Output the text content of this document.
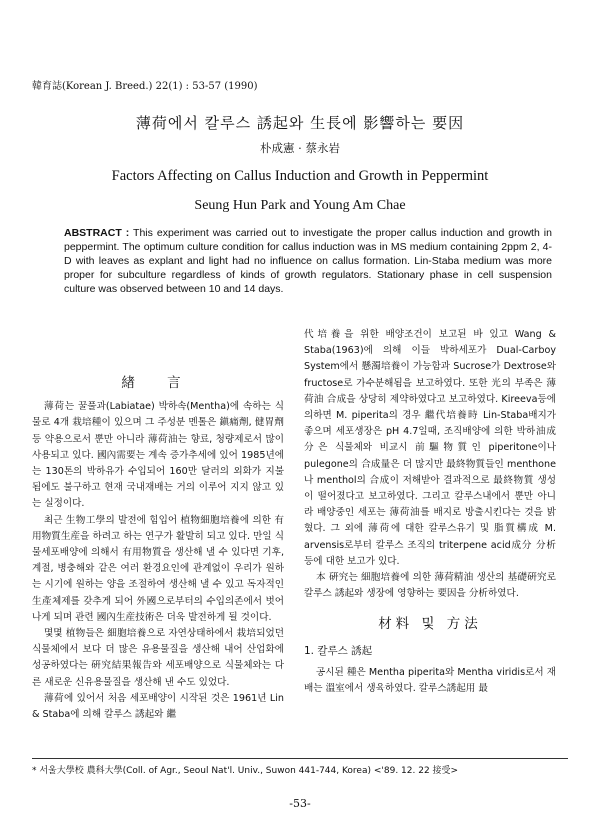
韓育誌(Korean J. Breed.) 22(1) : 53-57 (1990)
薄荷에서 칼루스 誘起와 生長에 影響하는 要因
朴成憲 · 蔡永岩
Factors Affecting on Callus Induction and Growth in Peppermint
Seung Hun Park and Young Am Chae
ABSTRACT : This experiment was carried out to investigate the proper callus induction and growth in peppermint. The optimum culture condition for callus induction was in MS medium containing 2ppm 2, 4-D with leaves as explant and light had no influence on callus formation. Lin-Staba medium was more proper for subculture regardless of kinds of growth regulators. Stationary phase in cell suspension culture was observed between 10 and 14 days.
緖 言

薄荷는 꿀풀과(Labiatae) 박하속(Mentha)에 속하는 식물로 4개 栽培種이 있으며 그 주성분 멘톨은 鎭痛劑, 健胃劑등 약용으로서 뿐만 아니라 薄荷油는 향료, 청량제로서 많이 사용되고 있다. 國內需要는 계속 증가추세에 있어 1985년에는 130톤의 박하유가 수입되어 160만 달러의 외화가 지불됨에도 불구하고 현재 국내재배는 거의 이루어 지지 않고 있는 실정이다.

최근 生物工學의 발전에 힘입어 植物細胞培養에 의한 有用物質生産을 하려고 하는 연구가 활발히 되고 있다. 만일 식물세포배양에 의해서 有用物質을 생산해 낼 수 있다면 기후, 계절, 병충해와 같은 여러 환경요인에 관계없이 우리가 원하는 시기에 원하는 양을 조절하여 생산해 낼 수 있고 독자적인 生產체제를 갖추게 되어 外國으로부터의 수입의존에서 벗어나게 되며 관련 國內生産技術은 더욱 발전하게 될 것이다.

몇몇 植物들은 細胞培養으로 자연상태하에서 栽培되었던 식물체에서 보다 더 많은 유용물질을 생산해 내어 산업화에 성공하였다는 硏究結果報告와 세포배양으로 식물체와는 다른 새로운 신유용물질을 생산해 낸 수도 있었다.

薄荷에 있어서 처음 세포배양이 시작된 것은 1961년 Lin & Staba에 의해 칼루스 誘起와 繼

代培養을 위한 배양조건이 보고된 바 있고 Wang & Staba(1963)에 의해 이들 박하세포가 Dual-Carboy System에서 懸濁培養이 가능함과 Sucrose가 Dextrose와 fructose로 가수분해됨을 보고하였다. 또한 光의 부족은 薄荷油 合成을 상당히 제약하였다고 보고하였다. Kireeva등에 의하면 M. piperita의 경우 繼代培養時 Lin-Staba배지가 좋으며 세포생장은 pH 4.7일때, 조직배양에 의한 박하油成分은 식물체와 비교시 前驅物質인 piperitone이나 pulegone의 合成量은 더 많지만 最終物質들인 menthone나 menthol의 合成이 저해받아 결과적으로 最終物質 생성이 떨어졌다고 보고하였다. 그리고 칼루스내에서 뿐만 아니라 배양중인 세포는 薄荷油를 배지로 방출시킨다는 것을 밝혔다. 그 외에 薄荷에 대한 칼루스유기 및 脂質構成 M. arvensis로부터 칼루스 조직의 triterpene acid成分 分析등에 대한 보고가 있다.

本 硏究는 細胞培養에 의한 薄荷精油 생산의 基礎硏究로 칼루스 誘起와 생장에 영향하는 要因을 分析하였다.

材料 및 方法
1. 칼루스 誘起

공시된 種은 Mentha piperita와 Mentha viridis로서 재배는 溫室에서 생육하였다. 칼루스誘起用 最

* 서울大學校 農科大學(Coll. of Agr., Seoul Nat'l. Univ., Suwon 441-744, Korea) <'89. 12. 22 接受>
-53-
